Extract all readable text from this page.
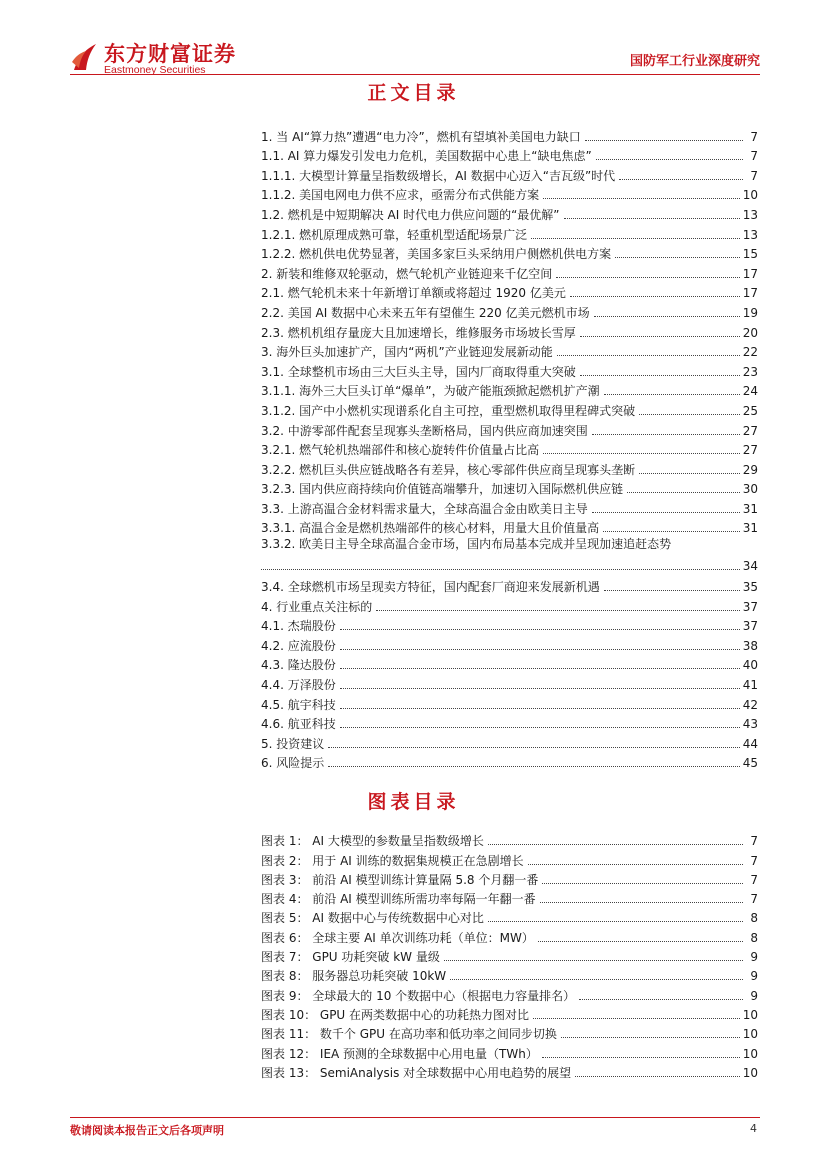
东方财富证券
Eastmoney Securities
国防军工行业深度研究
正文目录
1. 当 AI“算力热”遭遇“电力冷”，燃机有望填补美国电力缺口	7
1.1. AI 算力爆发引发电力危机，美国数据中心患上“缺电焦虑”	7
1.1.1. 大模型计算量呈指数级增长，AI 数据中心迈入“吉瓦级”时代	7
1.1.2. 美国电网电力供不应求，亟需分布式供能方案	10
1.2. 燃机是中短期解决 AI 时代电力供应问题的“最优解”	13
1.2.1. 燃机原理成熟可靠，轻重机型适配场景广泛	13
1.2.2. 燃机供电优势显著，美国多家巨头采纳用户侧燃机供电方案	15
2. 新装和维修双轮驱动，燃气轮机产业链迎来千亿空间	17
2.1. 燃气轮机未来十年新增订单额或将超过 1920 亿美元	17
2.2. 美国 AI 数据中心未来五年有望催生 220 亿美元燃机市场	19
2.3. 燃机机组存量庞大且加速增长，维修服务市场坡长雪厚	20
3. 海外巨头加速扩产，国内“两机”产业链迎发展新动能	22
3.1. 全球整机市场由三大巨头主导，国内厂商取得重大突破	23
3.1.1. 海外三大巨头订单“爆单”，为破产能瓶颈掀起燃机扩产潮	24
3.1.2. 国产中小燃机实现谱系化自主可控，重型燃机取得里程碑式突破	25
3.2. 中游零部件配套呈现寡头垄断格局，国内供应商加速突围	27
3.2.1. 燃气轮机热端部件和核心旋转件价值量占比高	27
3.2.2. 燃机巨头供应链战略各有差异，核心零部件供应商呈现寡头垄断	29
3.2.3. 国内供应商持续向价值链高端攀升，加速切入国际燃机供应链	30
3.3. 上游高温合金材料需求量大，全球高温合金由欧美日主导	31
3.3.1. 高温合金是燃机热端部件的核心材料，用量大且价值量高	31
3.3.2. 欧美日主导全球高温合金市场，国内布局基本完成并呈现加速追赶态势
34
3.4. 全球燃机市场呈现卖方特征，国内配套厂商迎来发展新机遇	35
4. 行业重点关注标的	37
4.1. 杰瑞股份	37
4.2. 应流股份	38
4.3. 隆达股份	40
4.4. 万泽股份	41
4.5. 航宇科技	42
4.6. 航亚科技	43
5. 投资建议	44
6. 风险提示	45
图表目录
图表 1： AI 大模型的参数量呈指数级增长	7
图表 2： 用于 AI 训练的数据集规模正在急剧增长	7
图表 3： 前沿 AI 模型训练计算量隔 5.8 个月翻一番	7
图表 4： 前沿 AI 模型训练所需功率每隔一年翻一番	7
图表 5： AI 数据中心与传统数据中心对比	8
图表 6： 全球主要 AI 单次训练功耗（单位：MW）	8
图表 7： GPU 功耗突破 kW 量级	9
图表 8： 服务器总功耗突破 10kW	9
图表 9： 全球最大的 10 个数据中心（根据电力容量排名）	9
图表 10： GPU 在两类数据中心的功耗热力图对比	10
图表 11： 数千个 GPU 在高功率和低功率之间同步切换	10
图表 12： IEA 预测的全球数据中心用电量（TWh）	10
图表 13： SemiAnalysis 对全球数据中心用电趋势的展望	10
敬请阅读本报告正文后各项声明	4
